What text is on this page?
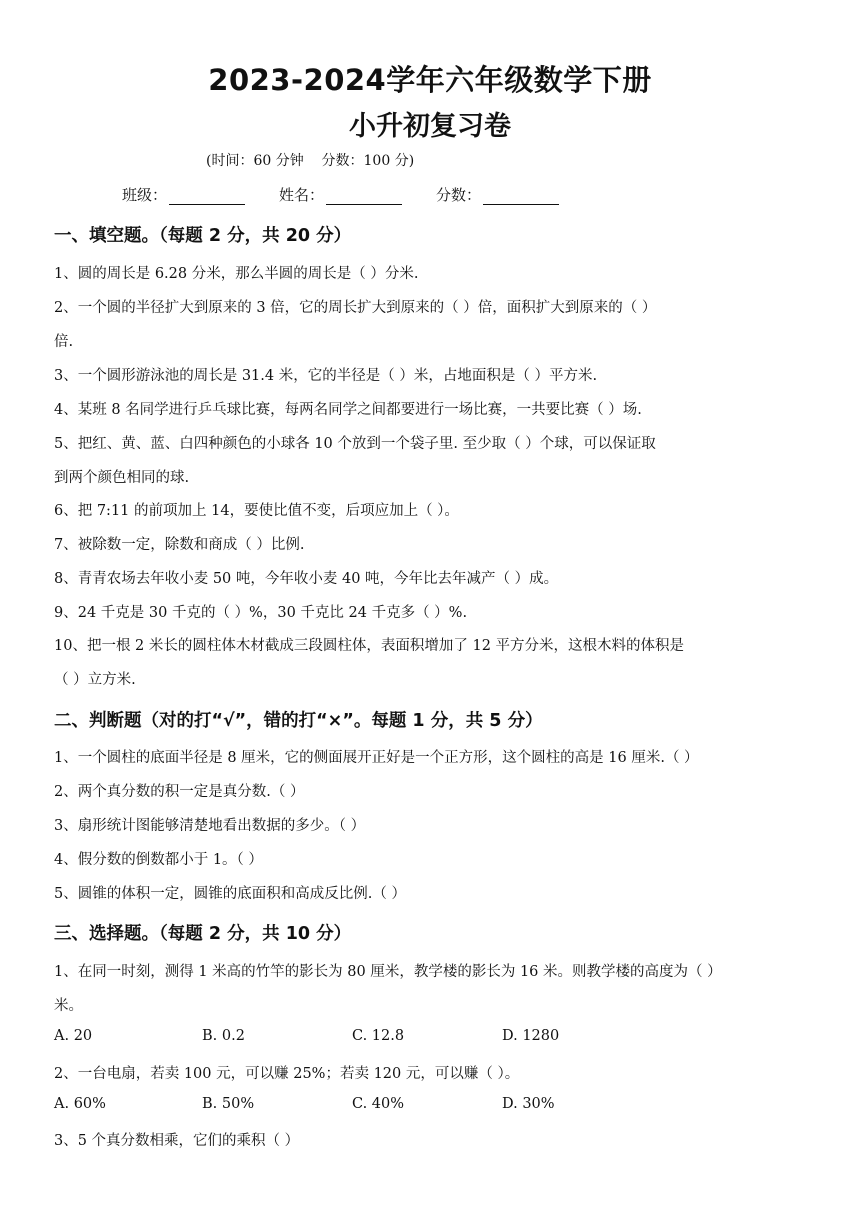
2023-2024学年六年级数学下册
小升初复习卷
(时间：60 分钟    分数：100 分)
班级：	姓名：	分数：
一、填空题。（每题 2 分，共 20 分）
1、圆的周长是 6.28 分米，那么半圆的周长是（ ）分米.
2、一个圆的半径扩大到原来的 3 倍，它的周长扩大到原来的（ ）倍，面积扩大到原来的（ ）
倍.
3、一个圆形游泳池的周长是 31.4 米，它的半径是（ ）米，占地面积是（ ）平方米.
4、某班 8 名同学进行乒乓球比赛，每两名同学之间都要进行一场比赛，一共要比赛（ ）场.
5、把红、黄、蓝、白四种颜色的小球各 10 个放到一个袋子里. 至少取（ ）个球，可以保证取
到两个颜色相同的球.
6、把 7:11 的前项加上 14，要使比值不变，后项应加上（ ）。
7、被除数一定，除数和商成（ ）比例.
8、青青农场去年收小麦 50 吨，今年收小麦 40 吨，今年比去年减产（ ）成。
9、24 千克是 30 千克的（ ）%，30 千克比 24 千克多（ ）%.
10、把一根 2 米长的圆柱体木材截成三段圆柱体，表面积增加了 12 平方分米，这根木料的体积是
（ ）立方米.
二、判断题（对的打“√”，错的打“×”。每题 1 分，共 5 分）
1、一个圆柱的底面半径是 8 厘米，它的侧面展开正好是一个正方形，这个圆柱的高是 16 厘米.（ ）
2、两个真分数的积一定是真分数.（ ）
3、扇形统计图能够清楚地看出数据的多少。（ ）
4、假分数的倒数都小于 1。（ ）
5、圆锥的体积一定，圆锥的底面积和高成反比例.（ ）
三、选择题。（每题 2 分，共 10 分）
1、在同一时刻，测得 1 米高的竹竿的影长为 80 厘米，教学楼的影长为 16 米。则教学楼的高度为（ ）
米。
A. 20	B. 0.2	C. 12.8	D. 1280
2、一台电扇，若卖 100 元，可以赚 25%；若卖 120 元，可以赚（ ）。
A. 60%	B. 50%	C. 40%	D. 30%
3、5 个真分数相乘，它们的乘积（ ）
